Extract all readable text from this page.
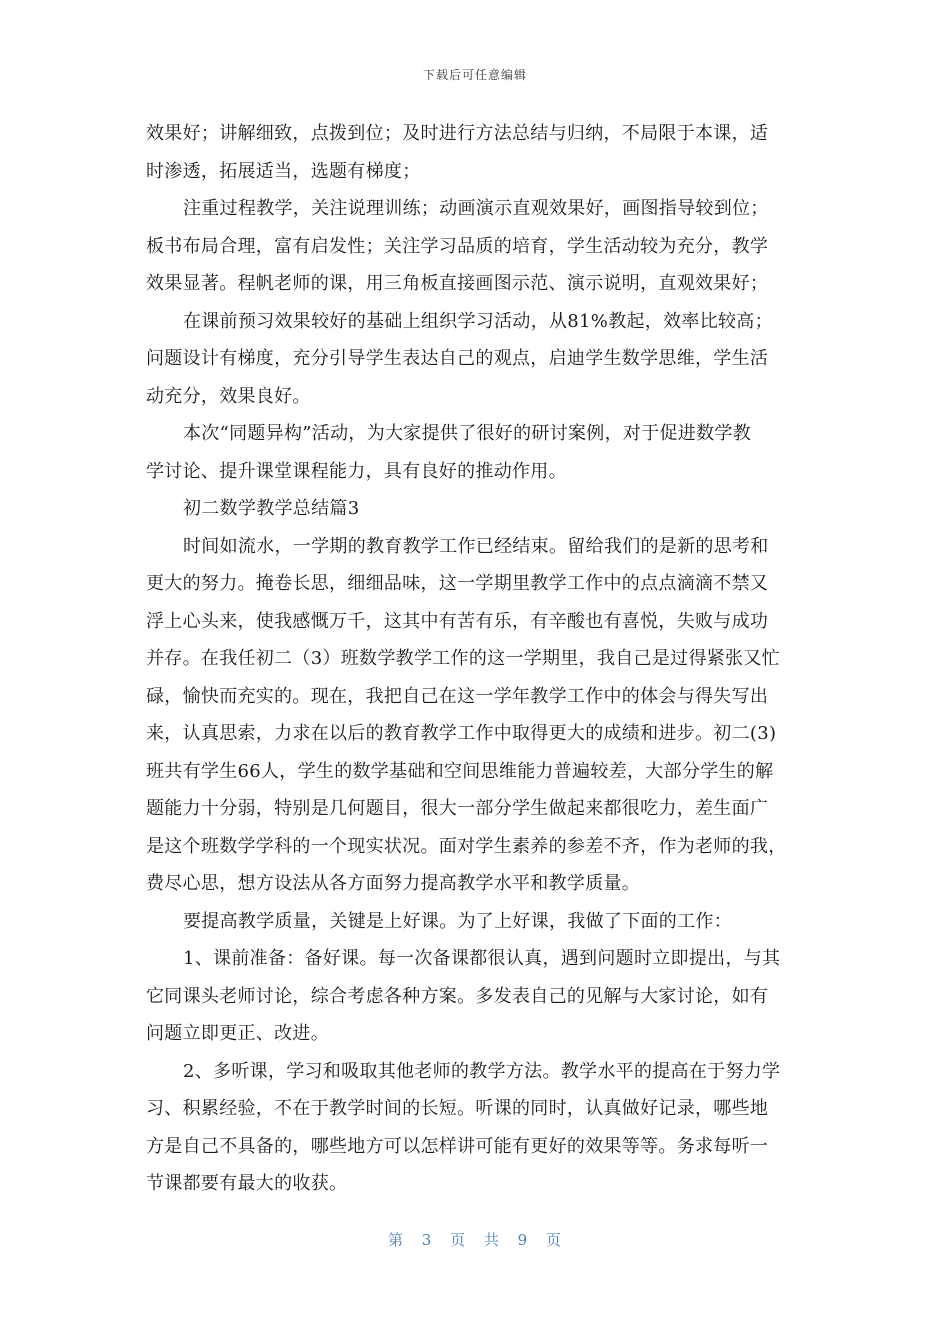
下载后可任意编辑
效果好；讲解细致，点拨到位；及时进行方法总结与归纳，不局限于本课，适
时渗透，拓展适当，选题有梯度；
注重过程教学，关注说理训练；动画演示直观效果好，画图指导较到位；
板书布局合理，富有启发性；关注学习品质的培育，学生活动较为充分，教学
效果显著。程帆老师的课，用三角板直接画图示范、演示说明，直观效果好；
在课前预习效果较好的基础上组织学习活动，从81%教起，效率比较高；
问题设计有梯度，充分引导学生表达自己的观点，启迪学生数学思维，学生活
动充分，效果良好。
本次“同题异构”活动，为大家提供了很好的研讨案例，对于促进数学教
学讨论、提升课堂课程能力，具有良好的推动作用。
初二数学教学总结篇3
时间如流水，一学期的教育教学工作已经结束。留给我们的是新的思考和
更大的努力。掩卷长思，细细品味，这一学期里教学工作中的点点滴滴不禁又
浮上心头来，使我感慨万千，这其中有苦有乐，有辛酸也有喜悦，失败与成功
并存。在我任初二（3）班数学教学工作的这一学期里，我自己是过得紧张又忙
碌，愉快而充实的。现在，我把自己在这一学年教学工作中的体会与得失写出
来，认真思索，力求在以后的教育教学工作中取得更大的成绩和进步。初二(3)
班共有学生66人，学生的数学基础和空间思维能力普遍较差，大部分学生的解
题能力十分弱，特别是几何题目，很大一部分学生做起来都很吃力，差生面广
是这个班数学学科的一个现实状况。面对学生素养的参差不齐，作为老师的我，
费尽心思，想方设法从各方面努力提高教学水平和教学质量。
要提高教学质量，关键是上好课。为了上好课，我做了下面的工作：
1、课前准备：备好课。每一次备课都很认真，遇到问题时立即提出，与其
它同课头老师讨论，综合考虑各种方案。多发表自己的见解与大家讨论，如有
问题立即更正、改进。
2、多听课，学习和吸取其他老师的教学方法。教学水平的提高在于努力学
习、积累经验，不在于教学时间的长短。听课的同时，认真做好记录，哪些地
方是自己不具备的，哪些地方可以怎样讲可能有更好的效果等等。务求每听一
节课都要有最大的收获。
第 3 页 共 9 页
